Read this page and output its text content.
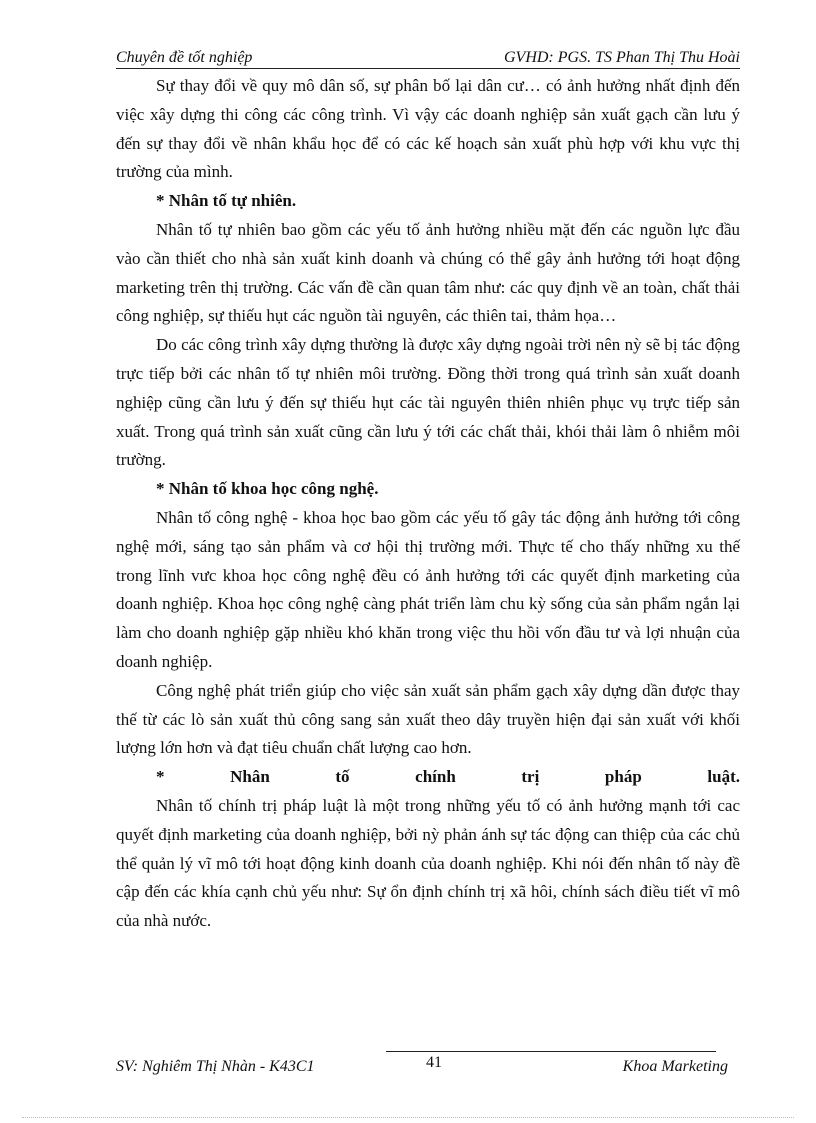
Chuyên đề tốt nghiệp	GVHD: PGS. TS Phan Thị Thu Hoài

Sự thay đổi về quy mô dân số, sự phân bố lại dân cư… có ảnh hưởng nhất định đến việc xây dựng thi công các công trình. Vì vậy các doanh nghiệp sản xuất gạch cần lưu ý đến sự thay đổi về nhân khẩu học để có các kế hoạch sản xuất phù hợp với khu vực thị trường của mình.

* Nhân tố tự nhiên.

Nhân tố tự nhiên bao gồm các yếu tố ảnh hưởng nhiều mặt đến các nguồn lực đầu vào cần thiết cho nhà sản xuất kinh doanh và chúng có thể gây ảnh hưởng tới hoạt động marketing trên thị trường. Các vấn đề cần quan tâm như: các quy định về an toàn, chất thải công nghiệp, sự thiếu hụt các nguồn tài nguyên, các thiên tai, thảm họa…

Do các công trình xây dựng thường là được xây dựng ngoài trời nên nỳ sẽ bị tác động trực tiếp bởi các nhân tố tự nhiên môi trường. Đồng thời trong quá trình sản xuất doanh nghiệp cũng cần lưu ý đến sự thiếu hụt các tài nguyên thiên nhiên phục vụ trực tiếp sản xuất. Trong quá trình sản xuất cũng cần lưu ý tới các chất thải, khói thải làm ô nhiễm môi trường.

* Nhân tố khoa học công nghệ.

Nhân tố công nghệ - khoa học bao gồm các yếu tố gây tác động ảnh hưởng tới công nghệ mới, sáng tạo sản phẩm và cơ hội thị trường mới. Thực tế cho thấy những xu thế trong lĩnh vưc khoa học công nghệ đều có ảnh hưởng tới các quyết định marketing của doanh nghiệp. Khoa học công nghệ càng phát triển làm chu kỳ sống của sản phẩm ngắn lại làm cho doanh nghiệp gặp nhiều khó khăn trong việc thu hồi vốn đầu tư và lợi nhuận của doanh nghiệp.

Công nghệ phát triển giúp cho việc sản xuất sản phẩm gạch xây dựng dần được thay thế từ các lò sản xuất thủ công sang sản xuất theo dây truyền hiện đại sản xuất với khối lượng lớn hơn và đạt tiêu chuẩn chất lượng cao hơn.

* Nhân tố chính trị pháp luật.

Nhân tố chính trị pháp luật là một trong những yếu tố có ảnh hưởng mạnh tới cac quyết định marketing của doanh nghiệp, bởi nỳ phản ánh sự tác động can thiệp của các chủ thể quản lý vĩ mô tới hoạt động kinh doanh của doanh nghiệp. Khi nói đến nhân tố này đề cập đến các khía cạnh chủ yếu như: Sự ổn định chính trị xã hôi, chính sách điều tiết vĩ mô của nhà nước.

SV: Nghiêm Thị Nhàn - K43C1	41	Khoa Marketing
